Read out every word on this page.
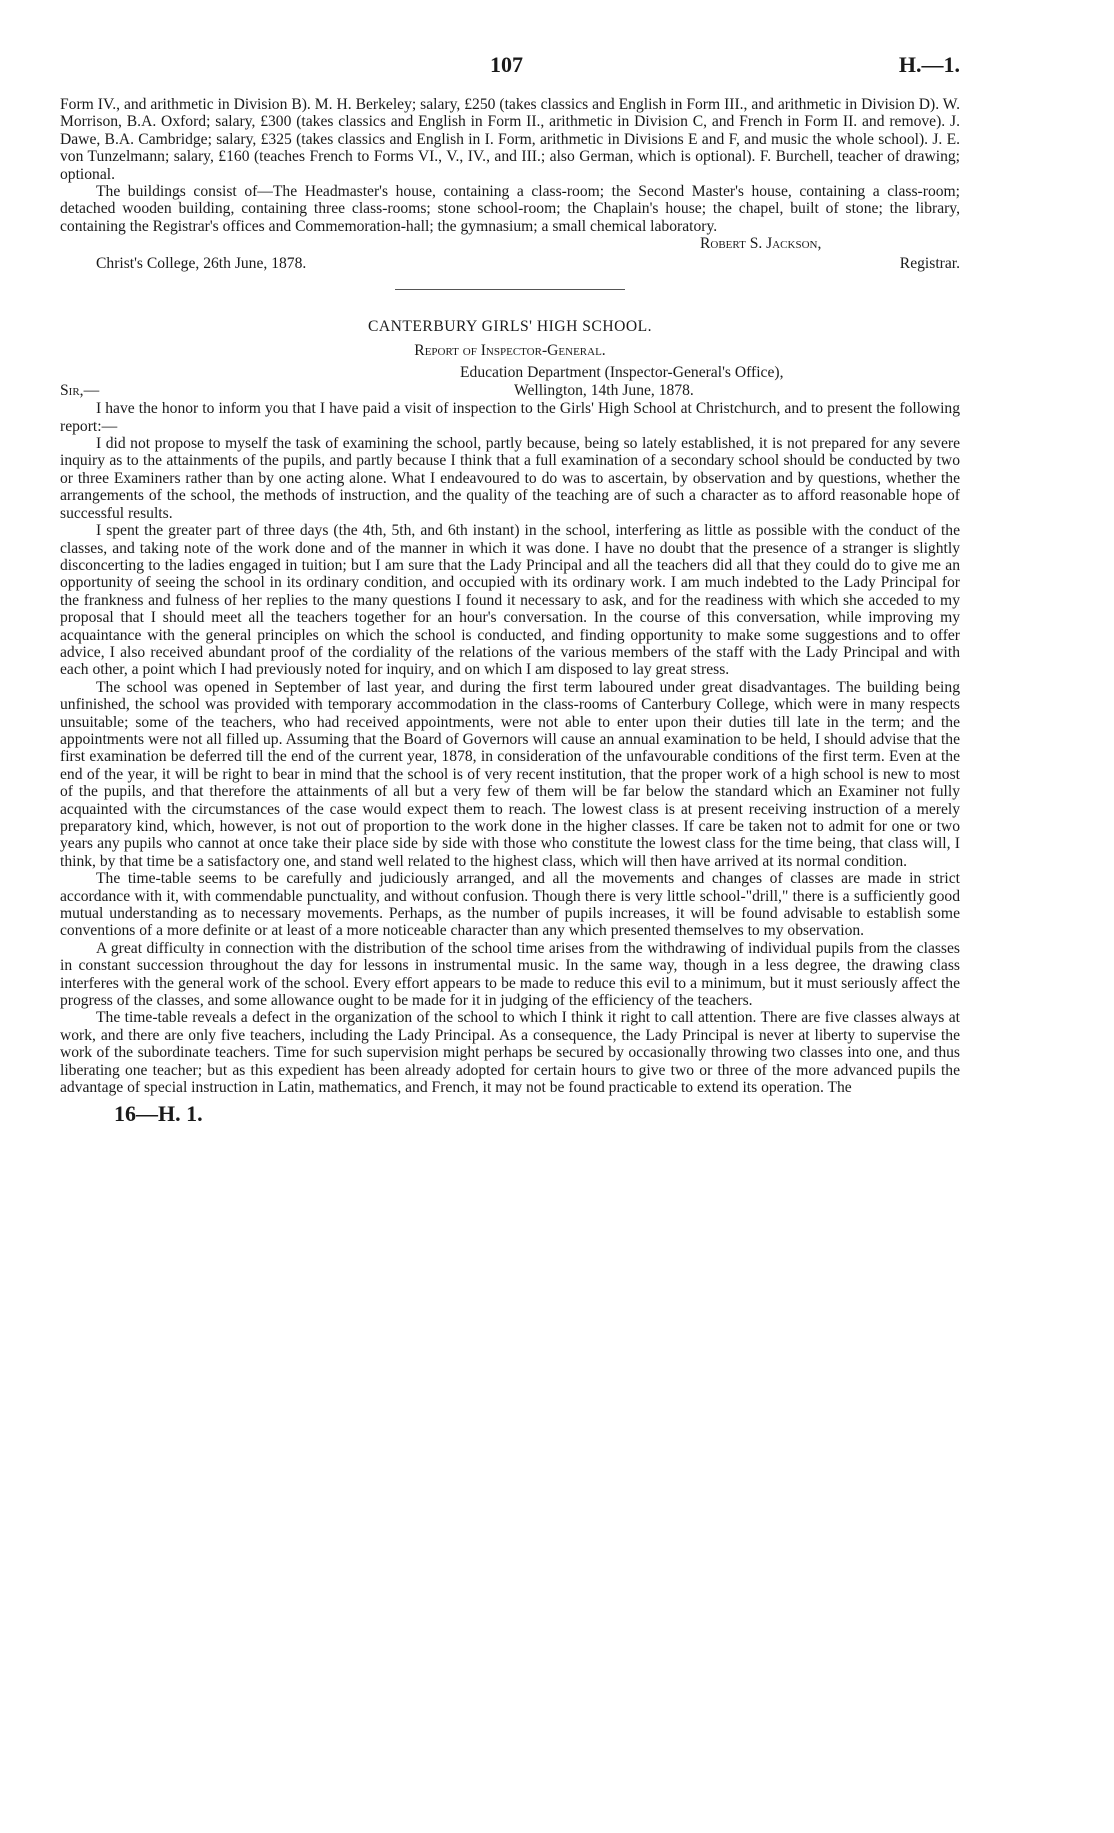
107	H.—1.

Form IV., and arithmetic in Division B). M. H. Berkeley; salary, £250 (takes classics and English in Form III., and arithmetic in Division D). W. Morrison, B.A. Oxford; salary, £300 (takes classics and English in Form II., arithmetic in Division C, and French in Form II. and remove). J. Dawe, B.A. Cambridge; salary, £325 (takes classics and English in I. Form, arithmetic in Divisions E and F, and music the whole school). J. E. von Tunzelmann; salary, £160 (teaches French to Forms VI., V., IV., and III.; also German, which is optional). F. Burchell, teacher of drawing; optional.

The buildings consist of—The Headmaster's house, containing a class-room; the Second Master's house, containing a class-room; detached wooden building, containing three class-rooms; stone school-room; the Chaplain's house; the chapel, built of stone; the library, containing the Registrar's offices and Commemoration-hall; the gymnasium; a small chemical laboratory.

Robert S. Jackson,
Christ's College, 26th June, 1878.	Registrar.
CANTERBURY GIRLS' HIGH SCHOOL.
Report of Inspector-General.
Education Department (Inspector-General's Office),
Sir,—	Wellington, 14th June, 1878.

I have the honor to inform you that I have paid a visit of inspection to the Girls' High School at Christchurch, and to present the following report:—

I did not propose to myself the task of examining the school, partly because, being so lately established, it is not prepared for any severe inquiry as to the attainments of the pupils, and partly because I think that a full examination of a secondary school should be conducted by two or three Examiners rather than by one acting alone. What I endeavoured to do was to ascertain, by observation and by questions, whether the arrangements of the school, the methods of instruction, and the quality of the teaching are of such a character as to afford reasonable hope of successful results.

I spent the greater part of three days (the 4th, 5th, and 6th instant) in the school, interfering as little as possible with the conduct of the classes, and taking note of the work done and of the manner in which it was done. I have no doubt that the presence of a stranger is slightly disconcerting to the ladies engaged in tuition; but I am sure that the Lady Principal and all the teachers did all that they could do to give me an opportunity of seeing the school in its ordinary condition, and occupied with its ordinary work. I am much indebted to the Lady Principal for the frankness and fulness of her replies to the many questions I found it necessary to ask, and for the readiness with which she acceded to my proposal that I should meet all the teachers together for an hour's conversation. In the course of this conversation, while improving my acquaintance with the general principles on which the school is conducted, and finding opportunity to make some suggestions and to offer advice, I also received abundant proof of the cordiality of the relations of the various members of the staff with the Lady Principal and with each other, a point which I had previously noted for inquiry, and on which I am disposed to lay great stress.

The school was opened in September of last year, and during the first term laboured under great disadvantages. The building being unfinished, the school was provided with temporary accommodation in the class-rooms of Canterbury College, which were in many respects unsuitable; some of the teachers, who had received appointments, were not able to enter upon their duties till late in the term; and the appointments were not all filled up. Assuming that the Board of Governors will cause an annual examination to be held, I should advise that the first examination be deferred till the end of the current year, 1878, in consideration of the unfavourable conditions of the first term. Even at the end of the year, it will be right to bear in mind that the school is of very recent institution, that the proper work of a high school is new to most of the pupils, and that therefore the attainments of all but a very few of them will be far below the standard which an Examiner not fully acquainted with the circumstances of the case would expect them to reach. The lowest class is at present receiving instruction of a merely preparatory kind, which, however, is not out of proportion to the work done in the higher classes. If care be taken not to admit for one or two years any pupils who cannot at once take their place side by side with those who constitute the lowest class for the time being, that class will, I think, by that time be a satisfactory one, and stand well related to the highest class, which will then have arrived at its normal condition.

The time-table seems to be carefully and judiciously arranged, and all the movements and changes of classes are made in strict accordance with it, with commendable punctuality, and without confusion. Though there is very little school-"drill," there is a sufficiently good mutual understanding as to necessary movements. Perhaps, as the number of pupils increases, it will be found advisable to establish some conventions of a more definite or at least of a more noticeable character than any which presented themselves to my observation.

A great difficulty in connection with the distribution of the school time arises from the withdrawing of individual pupils from the classes in constant succession throughout the day for lessons in instrumental music. In the same way, though in a less degree, the drawing class interferes with the general work of the school. Every effort appears to be made to reduce this evil to a minimum, but it must seriously affect the progress of the classes, and some allowance ought to be made for it in judging of the efficiency of the teachers.

The time-table reveals a defect in the organization of the school to which I think it right to call attention. There are five classes always at work, and there are only five teachers, including the Lady Principal. As a consequence, the Lady Principal is never at liberty to supervise the work of the subordinate teachers. Time for such supervision might perhaps be secured by occasionally throwing two classes into one, and thus liberating one teacher; but as this expedient has been already adopted for certain hours to give two or three of the more advanced pupils the advantage of special instruction in Latin, mathematics, and French, it may not be found practicable to extend its operation. The

16—H. 1.
